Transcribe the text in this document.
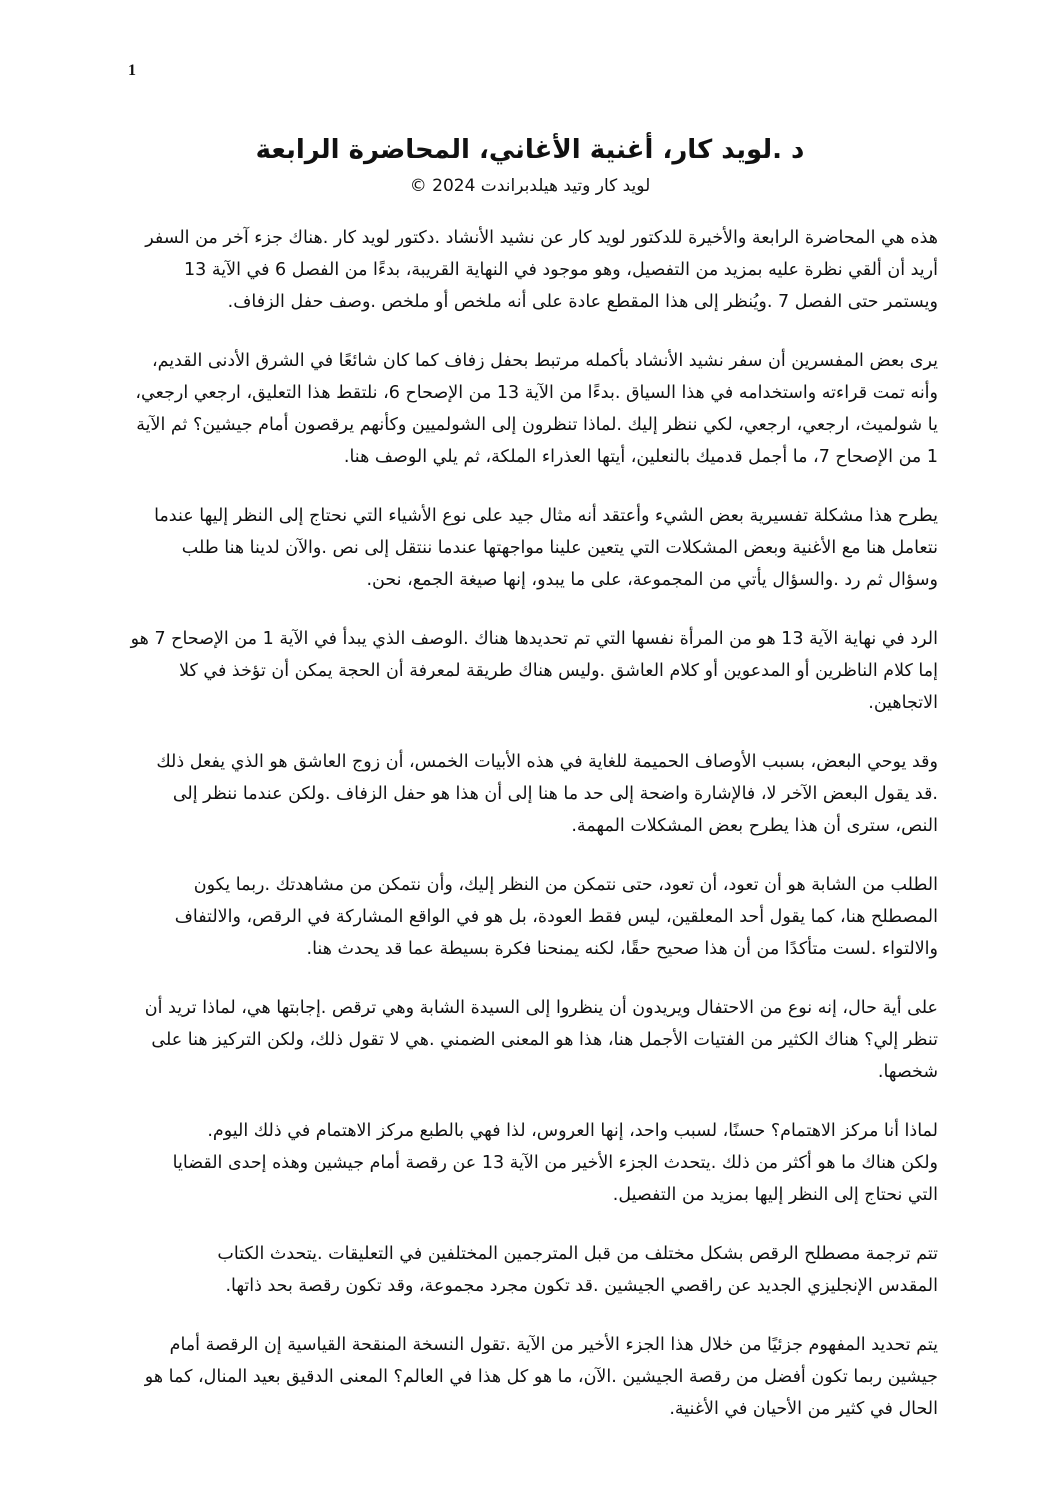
1
د .لويد كار، أغنية الأغاني، المحاضرة الرابعة
لويد كار وتيد هيلدبراندت 2024 ©

هذه هي المحاضرة الرابعة والأخيرة للدكتور لويد كار عن نشيد الأنشاد .دكتور لويد كار .هناك جزء آخر من السفر أريد أن ألقي نظرة عليه بمزيد من التفصيل، وهو موجود في النهاية القريبة، بدءًا من الفصل 6 في الآية 13 ويستمر حتى الفصل 7 .ويُنظر إلى هذا المقطع عادة على أنه ملخص أو ملخص .وصف حفل الزفاف.

يرى بعض المفسرين أن سفر نشيد الأنشاد بأكمله مرتبط بحفل زفاف كما كان شائعًا في الشرق الأدنى القديم، وأنه تمت قراءته واستخدامه في هذا السياق .بدءًا من الآية 13 من الإصحاح 6، نلتقط هذا التعليق، ارجعي ارجعي، يا شولميث، ارجعي، ارجعي، لكي ننظر إليك .لماذا تنظرون إلى الشولميين وكأنهم يرقصون أمام جيشين؟ ثم الآية 1 من الإصحاح 7، ما أجمل قدميك بالنعلين، أيتها العذراء الملكة، ثم يلي الوصف هنا.

يطرح هذا مشكلة تفسيرية بعض الشيء وأعتقد أنه مثال جيد على نوع الأشياء التي نحتاج إلى النظر إليها عندما نتعامل هنا مع الأغنية وبعض المشكلات التي يتعين علينا مواجهتها عندما ننتقل إلى نص .والآن لدينا هنا طلب وسؤال ثم رد .والسؤال يأتي من المجموعة، على ما يبدو، إنها صيغة الجمع، نحن.

الرد في نهاية الآية 13 هو من المرأة نفسها التي تم تحديدها هناك .الوصف الذي يبدأ في الآية 1 من الإصحاح 7 هو إما كلام الناظرين أو المدعوين أو كلام العاشق .وليس هناك طريقة لمعرفة أن الحجة يمكن أن تؤخذ في كلا الاتجاهين.

وقد يوحي البعض، بسبب الأوصاف الحميمة للغاية في هذه الأبيات الخمس، أن زوج العاشق هو الذي يفعل ذلك .قد يقول البعض الآخر لا، فالإشارة واضحة إلى حد ما هنا إلى أن هذا هو حفل الزفاف .ولكن عندما ننظر إلى النص، سترى أن هذا يطرح بعض المشكلات المهمة.

الطلب من الشابة هو أن تعود، أن تعود، حتى نتمكن من النظر إليك، وأن نتمكن من مشاهدتك .ربما يكون المصطلح هنا، كما يقول أحد المعلقين، ليس فقط العودة، بل هو في الواقع المشاركة في الرقص، والالتفاف والالتواء .لست متأكدًا من أن هذا صحيح حقًا، لكنه يمنحنا فكرة بسيطة عما قد يحدث هنا.

على أية حال، إنه نوع من الاحتفال ويريدون أن ينظروا إلى السيدة الشابة وهي ترقص .إجابتها هي، لماذا تريد أن تنظر إلي؟ هناك الكثير من الفتيات الأجمل هنا، هذا هو المعنى الضمني .هي لا تقول ذلك، ولكن التركيز هنا على شخصها.

لماذا أنا مركز الاهتمام؟ حسنًا، لسبب واحد، إنها العروس، لذا فهي بالطبع مركز الاهتمام في ذلك اليوم. ولكن هناك ما هو أكثر من ذلك .يتحدث الجزء الأخير من الآية 13 عن رقصة أمام جيشين وهذه إحدى القضايا التي نحتاج إلى النظر إليها بمزيد من التفصيل.

تتم ترجمة مصطلح الرقص بشكل مختلف من قبل المترجمين المختلفين في التعليقات .يتحدث الكتاب المقدس الإنجليزي الجديد عن راقصي الجيشين .قد تكون مجرد مجموعة، وقد تكون رقصة بحد ذاتها.

يتم تحديد المفهوم جزئيًا من خلال هذا الجزء الأخير من الآية .تقول النسخة المنقحة القياسية إن الرقصة أمام جيشين ربما تكون أفضل من رقصة الجيشين .الآن، ما هو كل هذا في العالم؟ المعنى الدقيق بعيد المنال، كما هو الحال في كثير من الأحيان في الأغنية.
